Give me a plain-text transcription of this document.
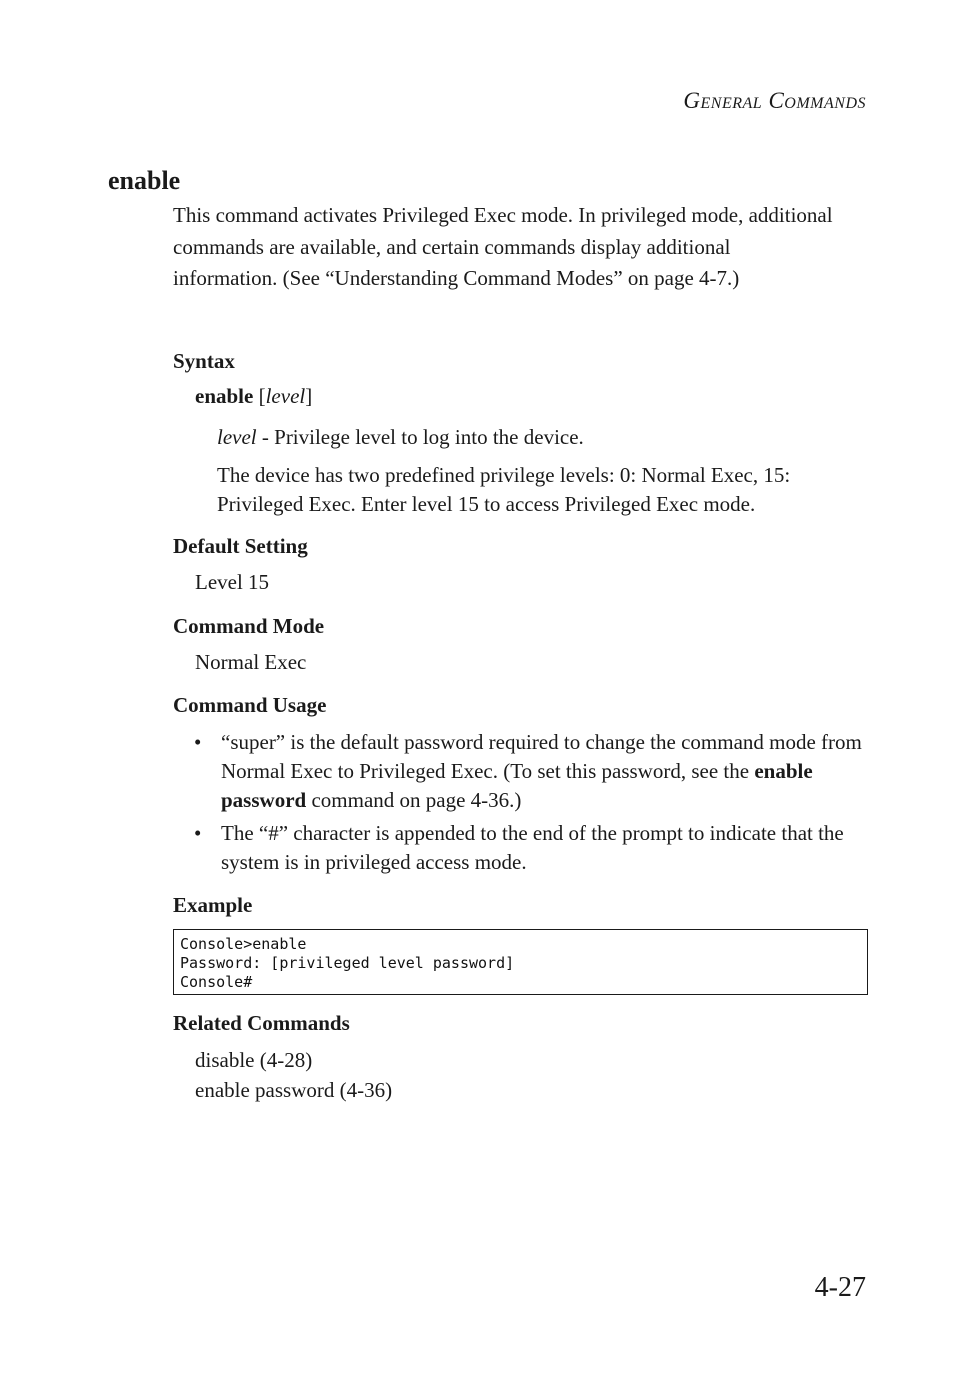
General Commands
enable
This command activates Privileged Exec mode. In privileged mode, additional commands are available, and certain commands display additional information. (See “Understanding Command Modes” on page 4-7.)
Syntax
enable [level]
level - Privilege level to log into the device.
The device has two predefined privilege levels: 0: Normal Exec, 15: Privileged Exec. Enter level 15 to access Privileged Exec mode.
Default Setting
Level 15
Command Mode
Normal Exec
Command Usage
• “super” is the default password required to change the command mode from Normal Exec to Privileged Exec. (To set this password, see the enable password command on page 4-36.)
• The “#” character is appended to the end of the prompt to indicate that the system is in privileged access mode.
Example
Console>enable
Password: [privileged level password]
Console#
Related Commands
disable (4-28)
enable password (4-36)
4-27
